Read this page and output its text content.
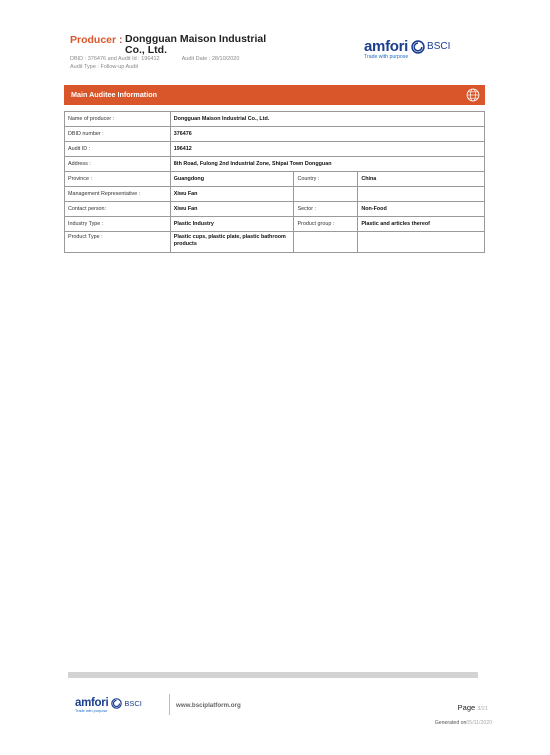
Producer : Dongguan Maison Industrial Co., Ltd.
DBID : 376476 and Audit Id : 196412	Audit Date : 28/10/2020
Audit Type : Follow-up Audit
amfori BSCI
Trade with purpose
Main Auditee Information
Name of producer :	Dongguan Maison Industrial Co., Ltd.		
DBID number :	376476		
Audit ID :	196412		
Address :	8th Road, Fulong 2nd Industrial Zone, Shipai Town Dongguan		
Province :	Guangdong	Country :	China
Management Representative :	Xiwu Fan		
Contact person:	Xiwu Fan	Sector :	Non-Food
Industry Type :	Plastic Industry	Product group :	Plastic and articles thereof
Product Type :	Plastic cups, plastic plate, plastic bathroom products		
amfori BSCI
Trade with purpose
www.bsciplatform.org	Page 3/21
Generated on05/11/2020
